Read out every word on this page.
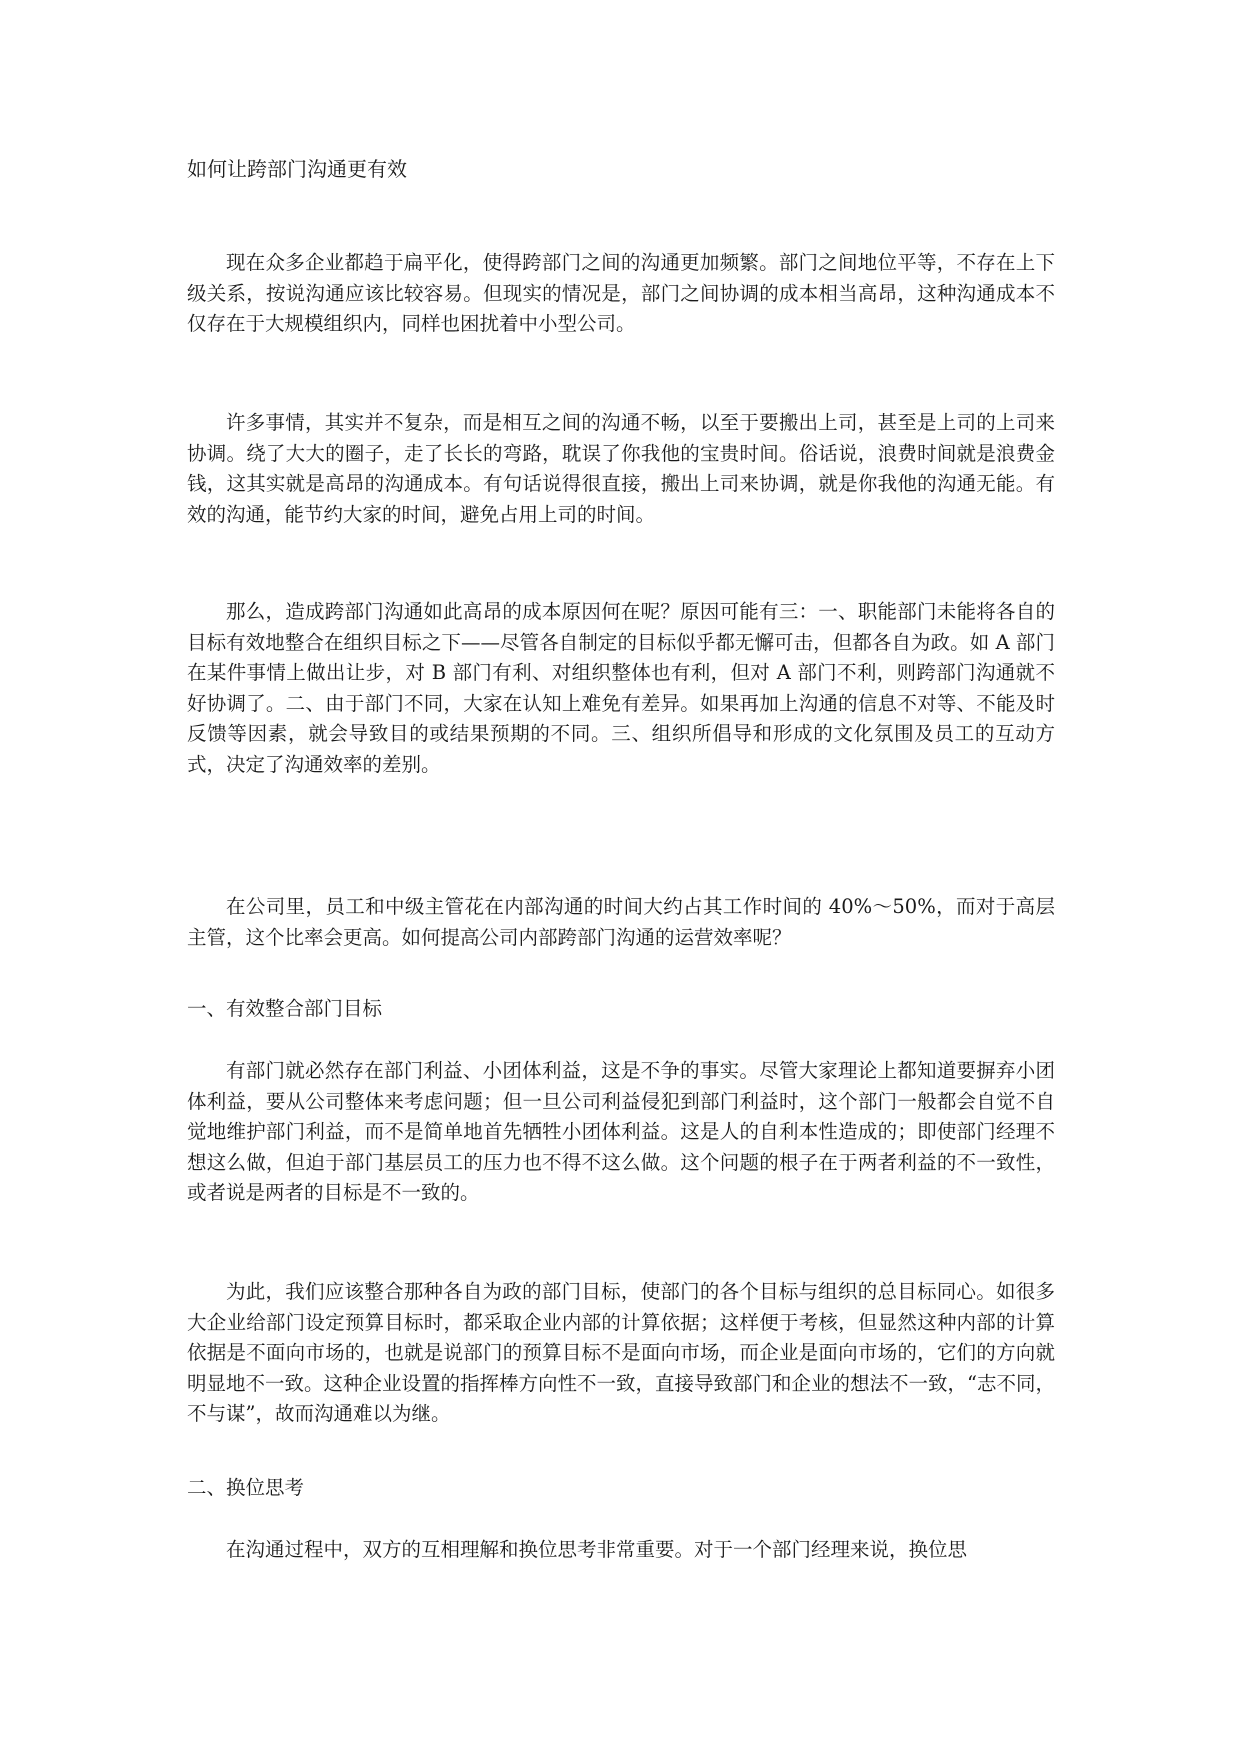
如何让跨部门沟通更有效

现在众多企业都趋于扁平化，使得跨部门之间的沟通更加频繁。部门之间地位平等，不存在上下级关系，按说沟通应该比较容易。但现实的情况是，部门之间协调的成本相当高昂，这种沟通成本不仅存在于大规模组织内，同样也困扰着中小型公司。

许多事情，其实并不复杂，而是相互之间的沟通不畅，以至于要搬出上司，甚至是上司的上司来协调。绕了大大的圈子，走了长长的弯路，耽误了你我他的宝贵时间。俗话说，浪费时间就是浪费金钱，这其实就是高昂的沟通成本。有句话说得很直接，搬出上司来协调，就是你我他的沟通无能。有效的沟通，能节约大家的时间，避免占用上司的时间。

那么，造成跨部门沟通如此高昂的成本原因何在呢？原因可能有三：一、职能部门未能将各自的目标有效地整合在组织目标之下——尽管各自制定的目标似乎都无懈可击，但都各自为政。如 A 部门在某件事情上做出让步，对 B 部门有利、对组织整体也有利，但对 A 部门不利，则跨部门沟通就不好协调了。二、由于部门不同，大家在认知上难免有差异。如果再加上沟通的信息不对等、不能及时反馈等因素，就会导致目的或结果预期的不同。三、组织所倡导和形成的文化氛围及员工的互动方式，决定了沟通效率的差别。

在公司里，员工和中级主管花在内部沟通的时间大约占其工作时间的 40%～50%，而对于高层主管，这个比率会更高。如何提高公司内部跨部门沟通的运营效率呢？

一、有效整合部门目标

有部门就必然存在部门利益、小团体利益，这是不争的事实。尽管大家理论上都知道要摒弃小团体利益，要从公司整体来考虑问题；但一旦公司利益侵犯到部门利益时，这个部门一般都会自觉不自觉地维护部门利益，而不是简单地首先牺牲小团体利益。这是人的自利本性造成的；即使部门经理不想这么做，但迫于部门基层员工的压力也不得不这么做。这个问题的根子在于两者利益的不一致性，或者说是两者的目标是不一致的。

为此，我们应该整合那种各自为政的部门目标，使部门的各个目标与组织的总目标同心。如很多大企业给部门设定预算目标时，都采取企业内部的计算依据；这样便于考核，但显然这种内部的计算依据是不面向市场的，也就是说部门的预算目标不是面向市场，而企业是面向市场的，它们的方向就明显地不一致。这种企业设置的指挥棒方向性不一致，直接导致部门和企业的想法不一致，“志不同，不与谋”，故而沟通难以为继。

二、换位思考

在沟通过程中，双方的互相理解和换位思考非常重要。对于一个部门经理来说，换位思
